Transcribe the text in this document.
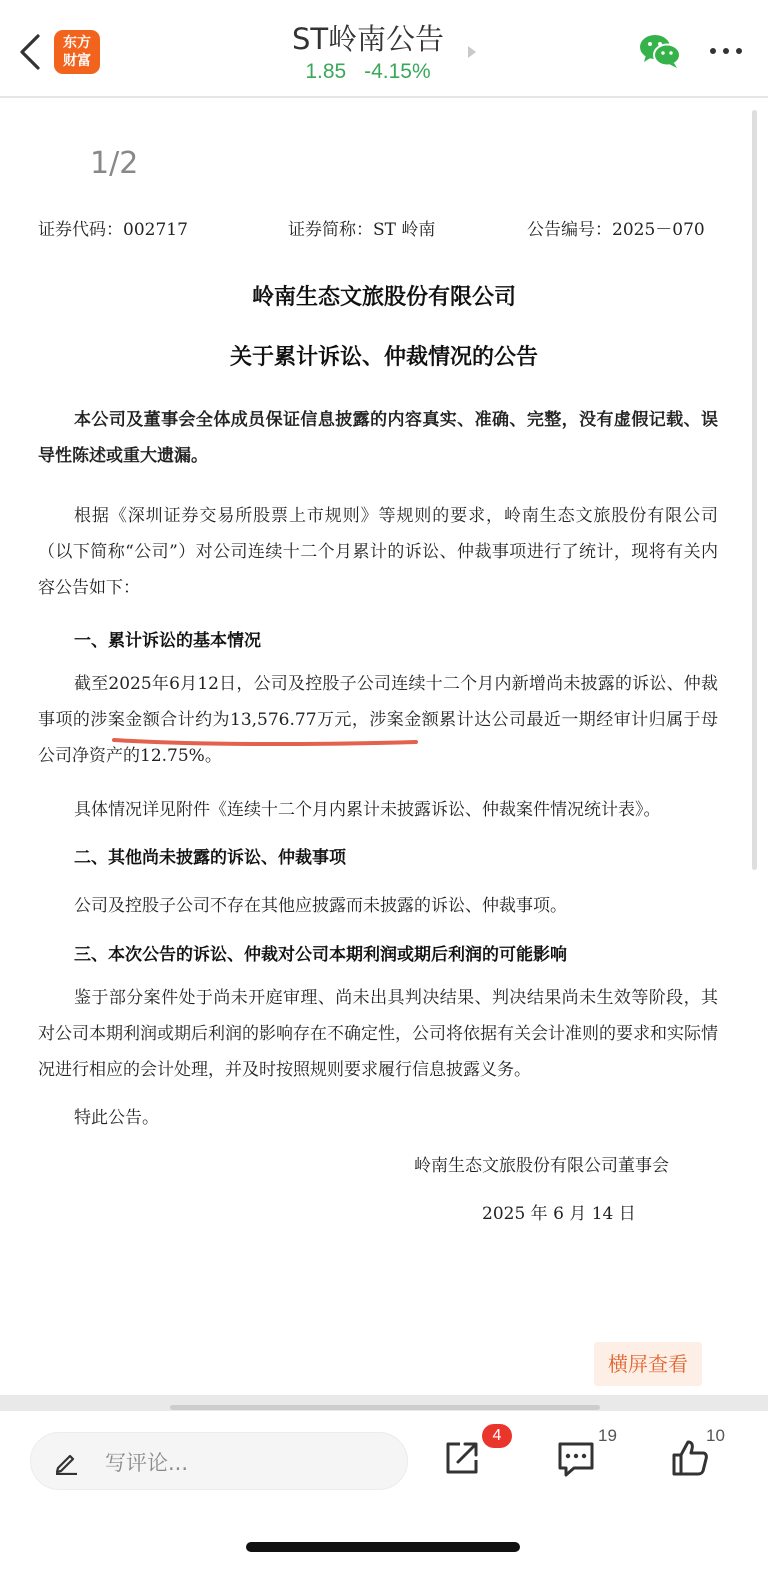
东方
财富
ST岭南公告
1.85 -4.15%
1/2
证券代码：002717	证券简称：ST 岭南	公告编号：2025－070
岭南生态文旅股份有限公司
关于累计诉讼、仲裁情况的公告

本公司及董事会全体成员保证信息披露的内容真实、准确、完整，没有虚假记载、误导性陈述或重大遗漏。

根据《深圳证券交易所股票上市规则》等规则的要求，岭南生态文旅股份有限公司（以下简称“公司”）对公司连续十二个月累计的诉讼、仲裁事项进行了统计，现将有关内容公告如下：

一、累计诉讼的基本情况

截至2025年6月12日，公司及控股子公司连续十二个月内新增尚未披露的诉讼、仲裁事项的涉案金额合计约为13,576.77万元，涉案金额累计达公司最近一期经审计归属于母公司净资产的12.75%。

具体情况详见附件《连续十二个月内累计未披露诉讼、仲裁案件情况统计表》。
二、其他尚未披露的诉讼、仲裁事项
公司及控股子公司不存在其他应披露而未披露的诉讼、仲裁事项。
三、本次公告的诉讼、仲裁对公司本期利润或期后利润的可能影响

鉴于部分案件处于尚未开庭审理、尚未出具判决结果、判决结果尚未生效等阶段，其对公司本期利润或期后利润的影响存在不确定性，公司将依据有关会计准则的要求和实际情况进行相应的会计处理，并及时按照规则要求履行信息披露义务。

特此公告。
岭南生态文旅股份有限公司董事会
2025 年 6 月 14 日
横屏查看
写评论...
4	19	10
